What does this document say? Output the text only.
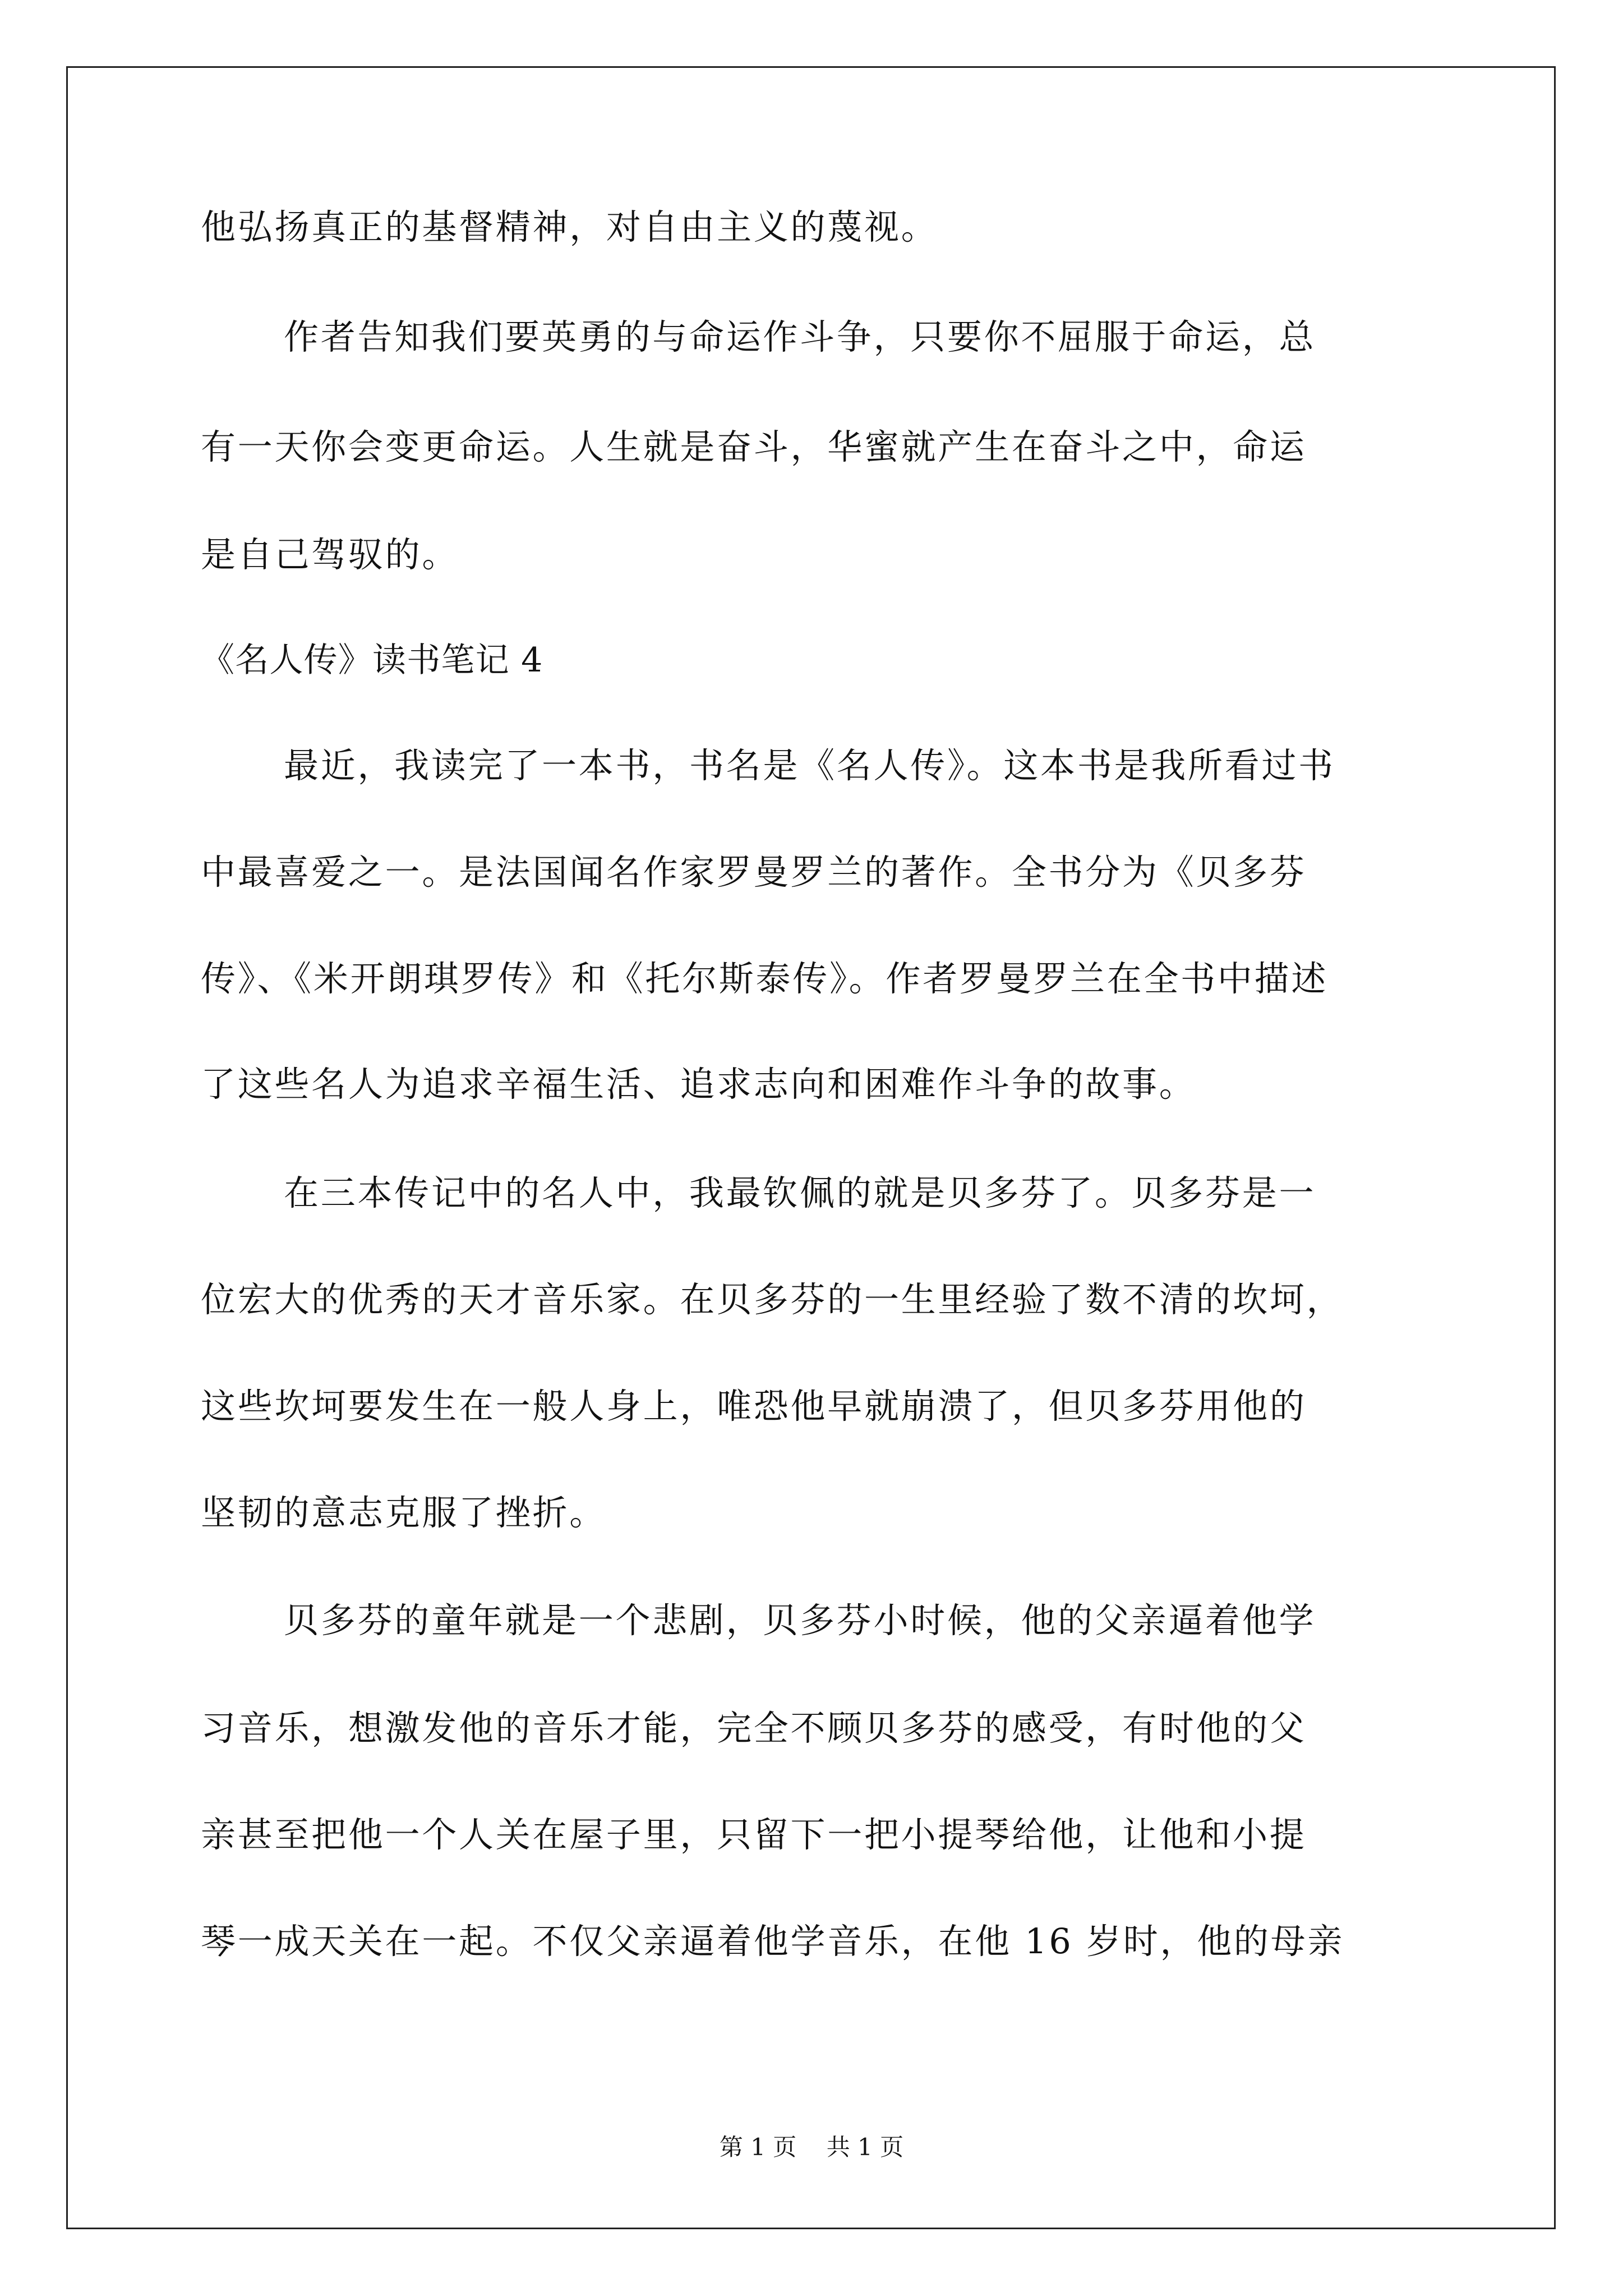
他弘扬真正的基督精神，对自由主义的蔑视。
作者告知我们要英勇的与命运作斗争，只要你不屈服于命运，总
有一天你会变更命运。人生就是奋斗，华蜜就产生在奋斗之中，命运
是自己驾驭的。
《名人传》读书笔记 4
最近，我读完了一本书，书名是《名人传》。这本书是我所看过书
中最喜爱之一。是法国闻名作家罗曼罗兰的著作。全书分为《贝多芬
传》、《米开朗琪罗传》和《托尔斯泰传》。作者罗曼罗兰在全书中描述
了这些名人为追求辛福生活、追求志向和困难作斗争的故事。
在三本传记中的名人中，我最钦佩的就是贝多芬了。贝多芬是一
位宏大的优秀的天才音乐家。在贝多芬的一生里经验了数不清的坎坷，
这些坎坷要发生在一般人身上，唯恐他早就崩溃了，但贝多芬用他的
坚韧的意志克服了挫折。
贝多芬的童年就是一个悲剧，贝多芬小时候，他的父亲逼着他学
习音乐，想激发他的音乐才能，完全不顾贝多芬的感受，有时他的父
亲甚至把他一个人关在屋子里，只留下一把小提琴给他，让他和小提
琴一成天关在一起。不仅父亲逼着他学音乐，在他 16 岁时，他的母亲
第 1 页    共 1 页
